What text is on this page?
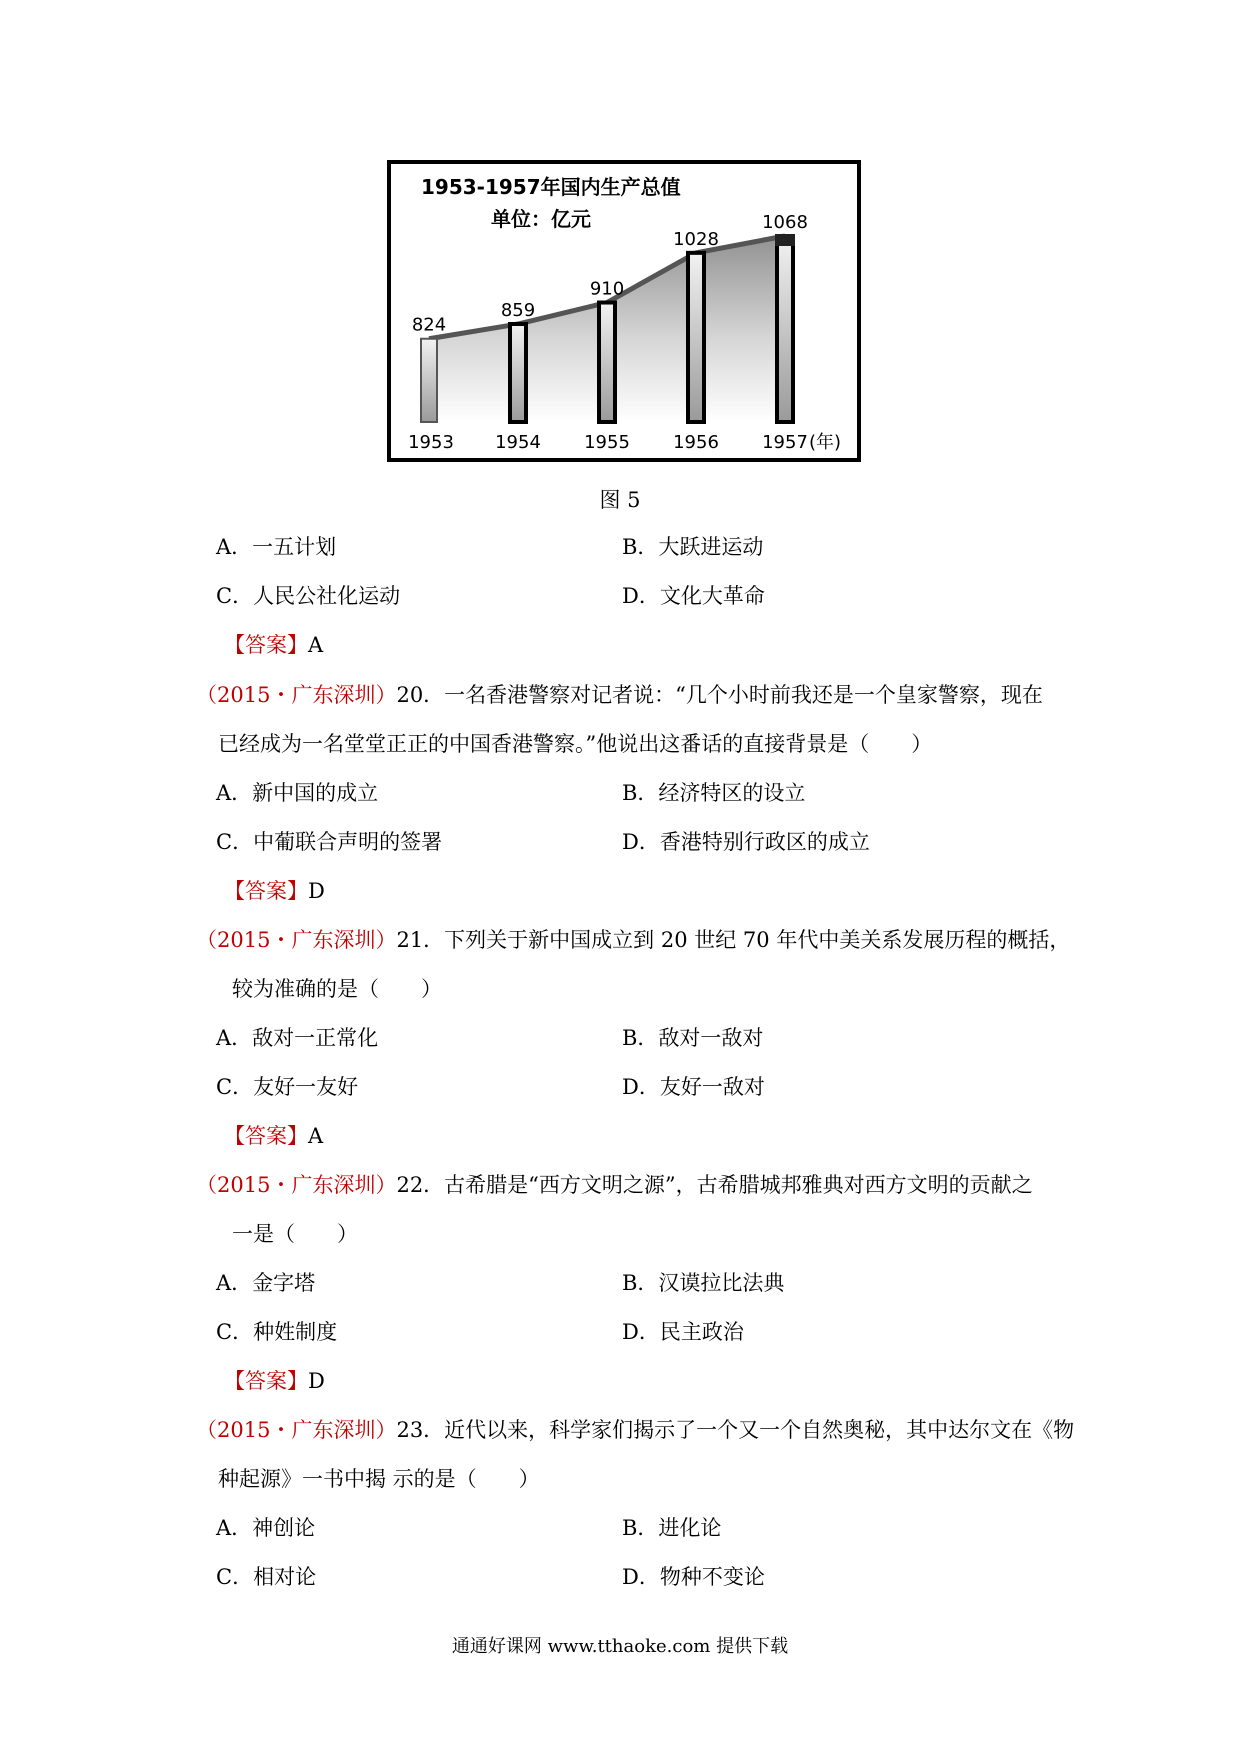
1953-1957年国内生产总值
单位：亿元
824
1953
859
1954
910
1955
1028
1956
1068
1957 (年)
图 5
A．一五计划	B．大跃进运动
C．人民公社化运动	D．文化大革命
【答案】A
（2015・广东深圳）20．一名香港警察对记者说：“几个小时前我还是一个皇家警察，现在
已经成为一名堂堂正正的中国香港警察。”他说出这番话的直接背景是（　　）
A．新中国的成立	B．经济特区的设立
C．中葡联合声明的签署	D．香港特别行政区的成立
【答案】D
（2015・广东深圳）21．下列关于新中国成立到 20 世纪 70 年代中美关系发展历程的概括，
较为准确的是（　　）
A．敌对一正常化	B．敌对一敌对
C．友好一友好	D．友好一敌对
【答案】A
（2015・广东深圳）22．古希腊是“西方文明之源”，古希腊城邦雅典对西方文明的贡献之
一是（　　）
A．金字塔	B．汉谟拉比法典
C．种姓制度	D．民主政治
【答案】D
（2015・广东深圳）23．近代以来，科学家们揭示了一个又一个自然奥秘，其中达尔文在《物
种起源》一书中揭 示的是（　　）
A．神创论	B．进化论
C．相对论	D．物种不变论
通通好课网 www.tthaoke.com 提供下载
